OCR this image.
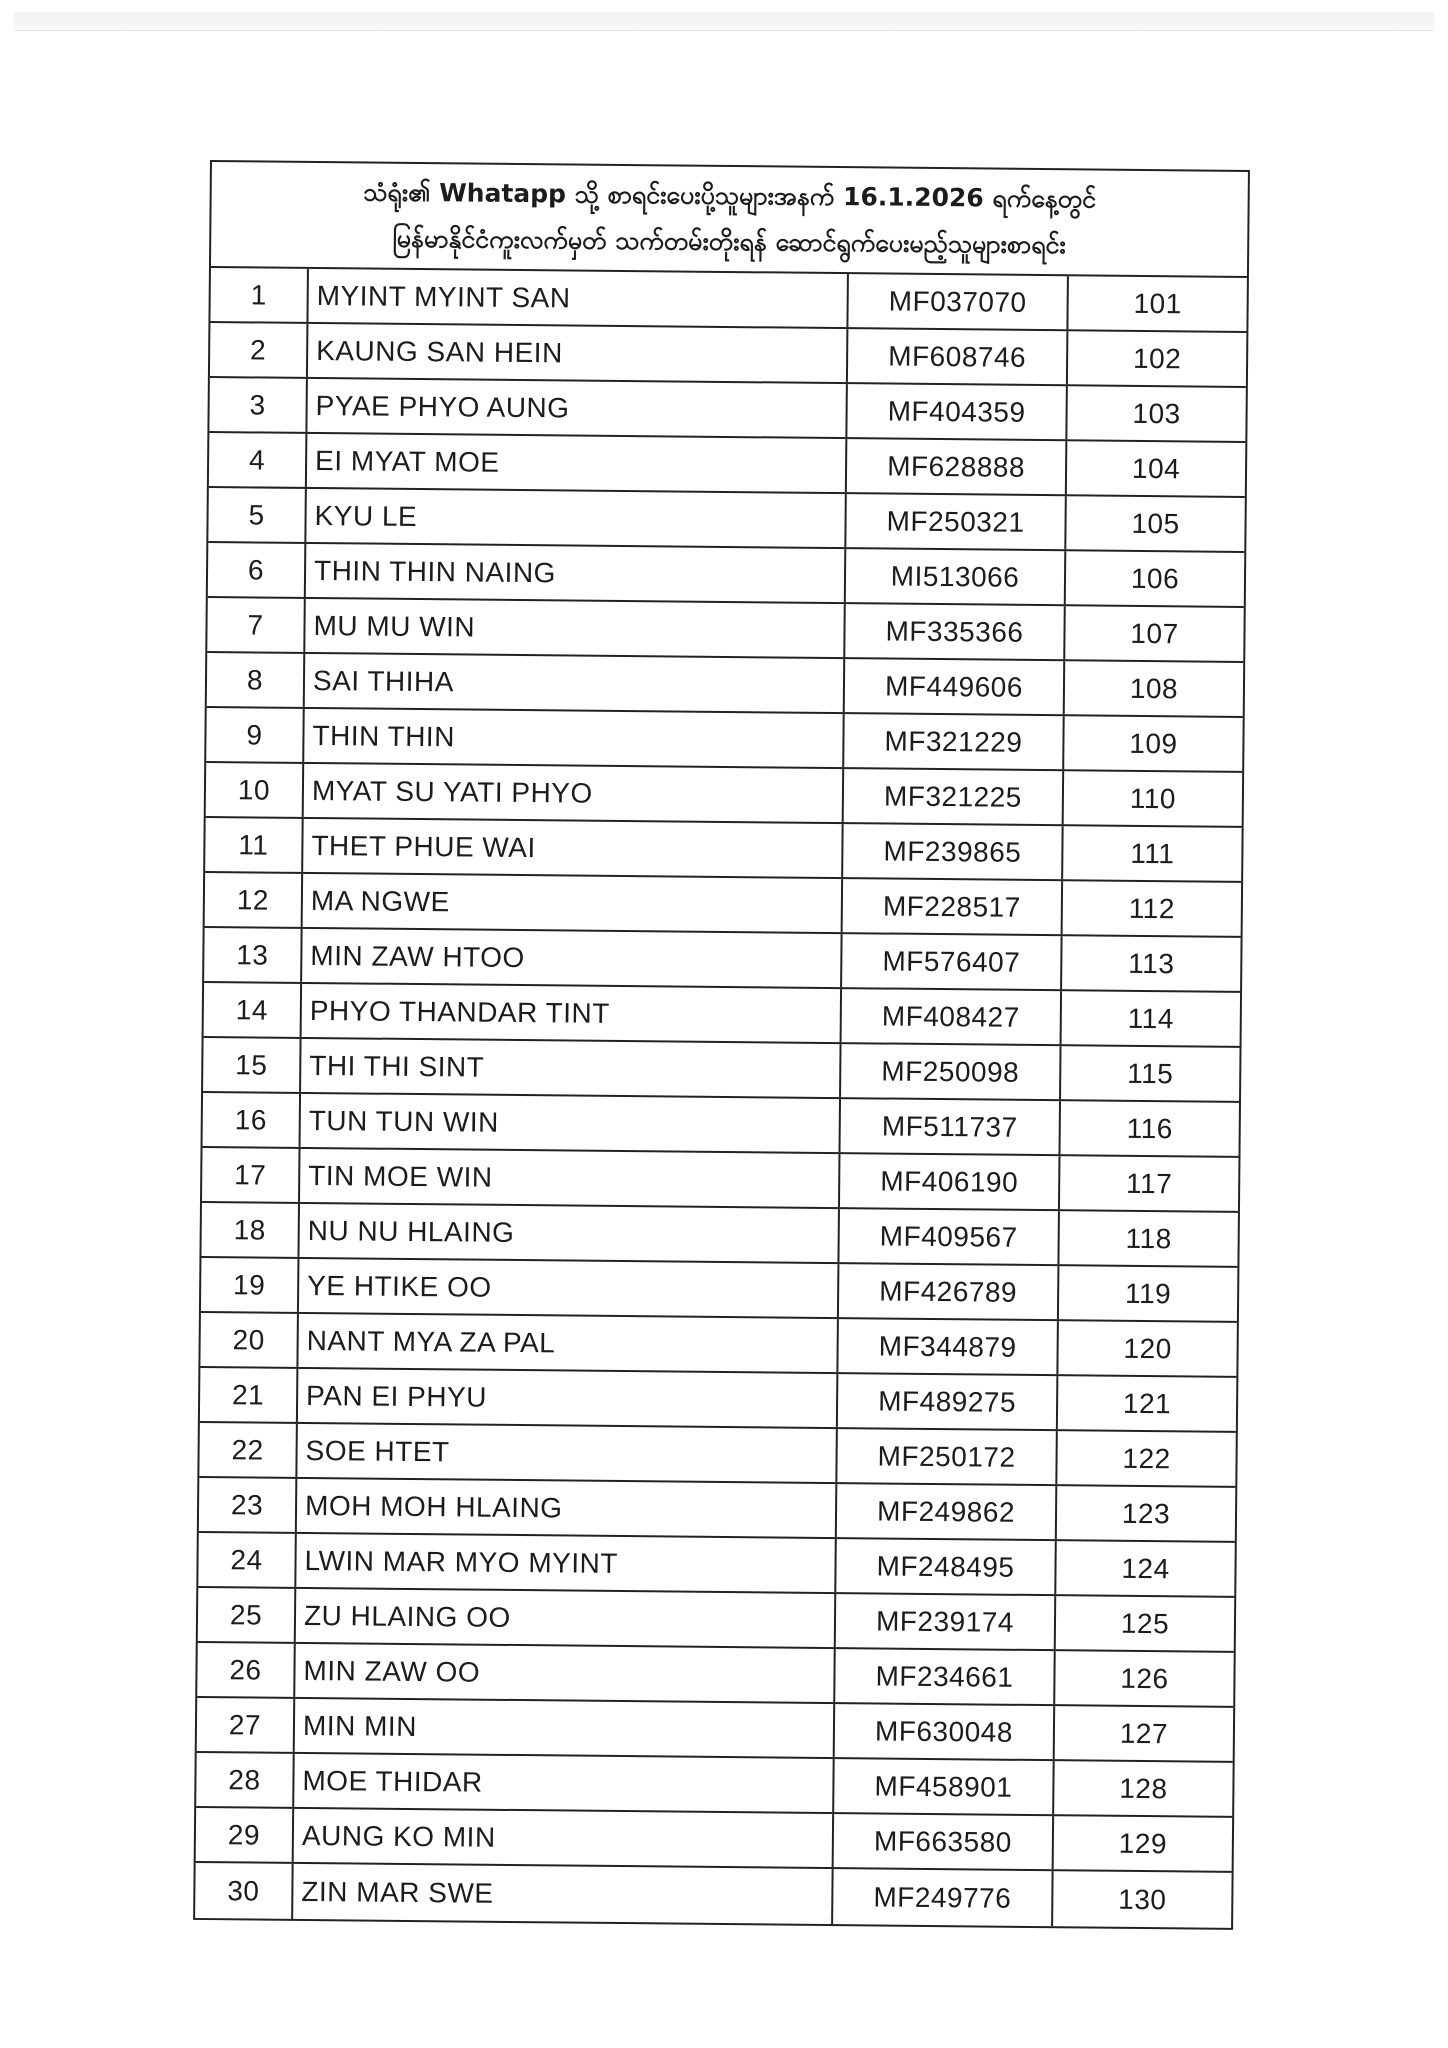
သံရုံး၏ Whatapp သို့ စာရင်းပေးပို့သူများအနက် 16.1.2026 ရက်နေ့တွင်
မြန်မာနိုင်ငံကူးလက်မှတ် သက်တမ်းတိုးရန် ဆောင်ရွက်ပေးမည့်သူများစာရင်း
1	MYINT MYINT SAN	MF037070	101
2	KAUNG SAN HEIN	MF608746	102
3	PYAE PHYO AUNG	MF404359	103
4	EI MYAT MOE	MF628888	104
5	KYU LE	MF250321	105
6	THIN THIN NAING	MI513066	106
7	MU MU WIN	MF335366	107
8	SAI THIHA	MF449606	108
9	THIN THIN	MF321229	109
10	MYAT SU YATI PHYO	MF321225	110
11	THET PHUE WAI	MF239865	111
12	MA NGWE	MF228517	112
13	MIN ZAW HTOO	MF576407	113
14	PHYO THANDAR TINT	MF408427	114
15	THI THI SINT	MF250098	115
16	TUN TUN WIN	MF511737	116
17	TIN MOE WIN	MF406190	117
18	NU NU HLAING	MF409567	118
19	YE HTIKE OO	MF426789	119
20	NANT MYA ZA PAL	MF344879	120
21	PAN EI PHYU	MF489275	121
22	SOE HTET	MF250172	122
23	MOH MOH HLAING	MF249862	123
24	LWIN MAR MYO MYINT	MF248495	124
25	ZU HLAING OO	MF239174	125
26	MIN ZAW OO	MF234661	126
27	MIN MIN	MF630048	127
28	MOE THIDAR	MF458901	128
29	AUNG KO MIN	MF663580	129
30	ZIN MAR SWE	MF249776	130
